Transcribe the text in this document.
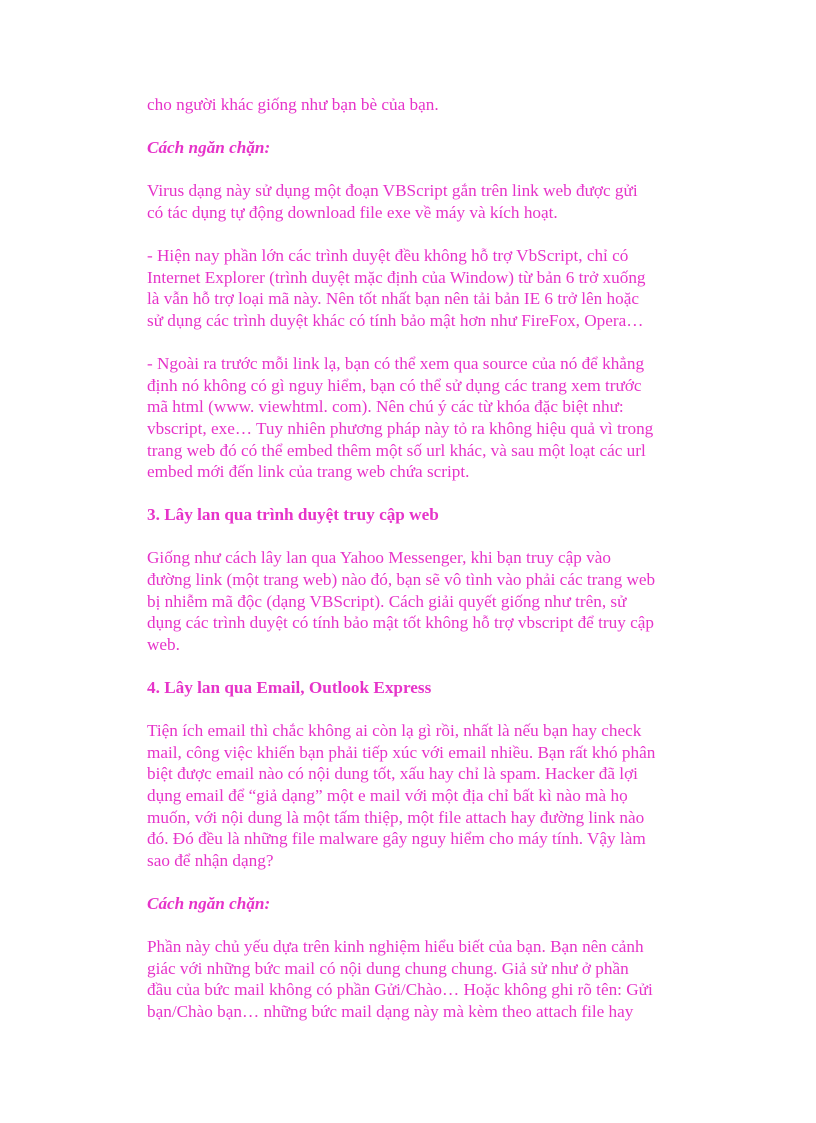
cho người khác giống như bạn bè của bạn.
Cách ngăn chặn:
Virus dạng này sử dụng một đoạn VBScript gắn trên link web được gửi
có tác dụng tự động download file exe về máy và kích hoạt.
- Hiện nay phần lớn các trình duyệt đều không hỗ trợ VbScript, chỉ có
Internet Explorer (trình duyệt mặc định của Window) từ bản 6 trở xuống
là vẫn hỗ trợ loại mã này. Nên tốt nhất bạn nên tải bản IE 6 trở lên hoặc
sử dụng các trình duyệt khác có tính bảo mật hơn như FireFox, Opera…
- Ngoài ra trước mỗi link lạ, bạn có thể xem qua source của nó để khẳng
định nó không có gì nguy hiểm, bạn có thể sử dụng các trang xem trước
mã html (www. viewhtml. com). Nên chú ý các từ khóa đặc biệt như:
vbscript, exe… Tuy nhiên phương pháp này tỏ ra không hiệu quả vì trong
trang web đó có thể embed thêm một số url khác, và sau một loạt các url
embed mới đến link của trang web chứa script.
3. Lây lan qua trình duyệt truy cập web
Giống như cách lây lan qua Yahoo Messenger, khi bạn truy cập vào
đường link (một trang web) nào đó, bạn sẽ vô tình vào phải các trang web
bị nhiễm mã độc (dạng VBScript). Cách giải quyết giống như trên, sử
dụng các trình duyệt có tính bảo mật tốt không hỗ trợ vbscript để truy cập
web.
4. Lây lan qua Email, Outlook Express
Tiện ích email thì chắc không ai còn lạ gì rồi, nhất là nếu bạn hay check
mail, công việc khiến bạn phải tiếp xúc với email nhiều. Bạn rất khó phân
biệt được email nào có nội dung tốt, xấu hay chỉ là spam. Hacker đã lợi
dụng email để “giả dạng” một e mail với một địa chỉ bất kì nào mà họ
muốn, với nội dung là một tấm thiệp, một file attach hay đường link nào
đó. Đó đều là những file malware gây nguy hiểm cho máy tính. Vậy làm
sao để nhận dạng?
Cách ngăn chặn:
Phần này chủ yếu dựa trên kinh nghiệm hiểu biết của bạn. Bạn nên cảnh
giác với những bức mail có nội dung chung chung. Giả sử như ở phần
đầu của bức mail không có phần Gửi/Chào… Hoặc không ghi rõ tên: Gửi
bạn/Chào bạn… những bức mail dạng này mà kèm theo attach file hay
